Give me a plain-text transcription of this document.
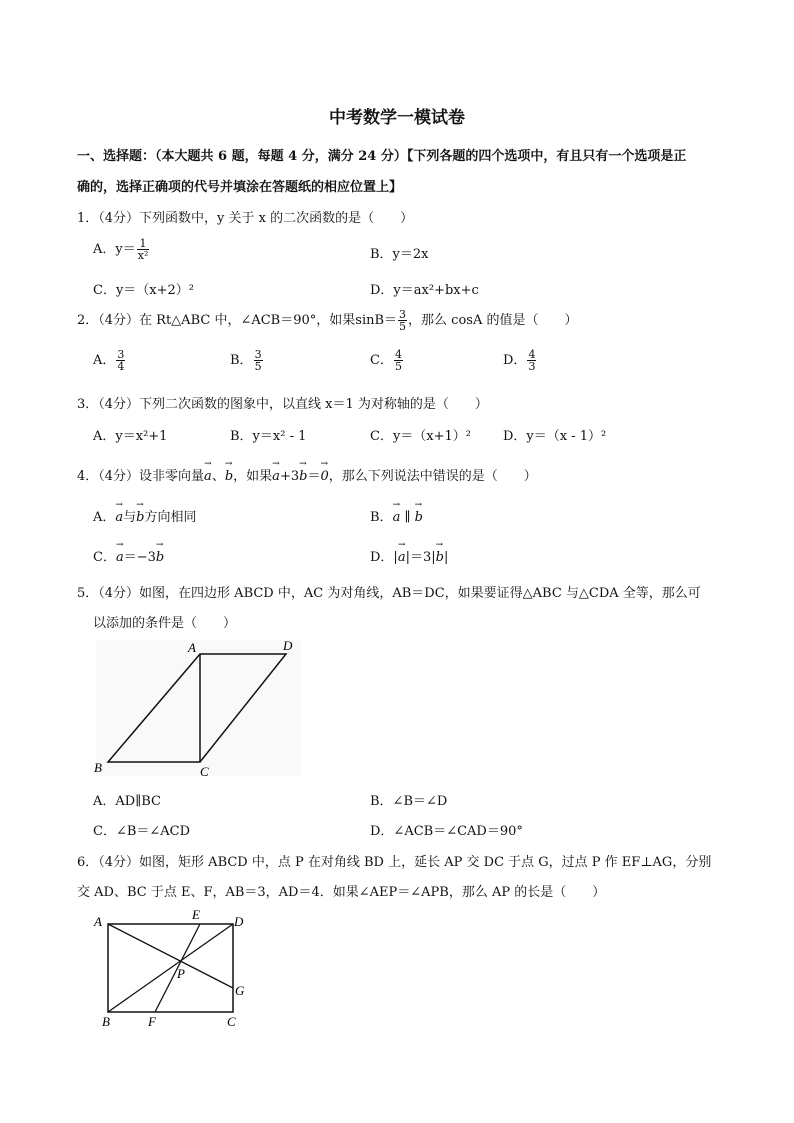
中考数学一模试卷
一、选择题：（本大题共 6 题，每题 4 分，满分 24 分）【下列各题的四个选项中，有且只有一个选项是正
确的，选择正确项的代号并填涂在答题纸的相应位置上】
1．（4分）下列函数中，y 关于 x 的二次函数的是（　　）
A．$y= \frac{1}{\text{x²}}$	B．y＝2x
C．y＝（x+2）²	D．y＝ax²+bx+c
2．（4分）在 Rt△ABC 中，∠ACB＝90°，如果$\sin B= \frac{3}{5}$ ，那么 cosA 的值是（　　）
A． $\frac{3}{4}$	B． $\frac{3}{5}$	C． $\frac{4}{5}$	D． $\frac{4}{3}$
3．（4分）下列二次函数的图象中，以直线 x＝1 为对称轴的是（　　）
A．y＝x²+1	B．y＝x² - 1	C．y＝（x+1）² D．y＝（x - 1）²
4．（4分）设非零向量→ a、→ b，如果→ a+3→ b＝→ 0，那么下列说法中错误的是（　　）
A．→ a与→ b方向相同	B．→ a ∥ → b
C．→ a＝−3→ b	D．|→ a|＝3|→ b|
5．（4分）如图，在四边形 ABCD 中，AC 为对角线，AB＝DC，如果要证得△ABC 与△CDA 全等，那么可
以添加的条件是（　　）
A	D
B	C
A．AD∥BC	B．∠B＝∠D
C．∠B＝∠ACD	D．∠ACB＝∠CAD＝90°
6．（4分）如图，矩形 ABCD 中，点 P 在对角线 BD 上，延长 AP 交 DC 于点 G，过点 P 作 EF⊥AG，分别
交 AD、BC 于点 E、F，AB＝3，AD＝4．如果∠AEP＝∠APB，那么 AP 的长是（　　）
A	D
E
P
G
B	F	C
